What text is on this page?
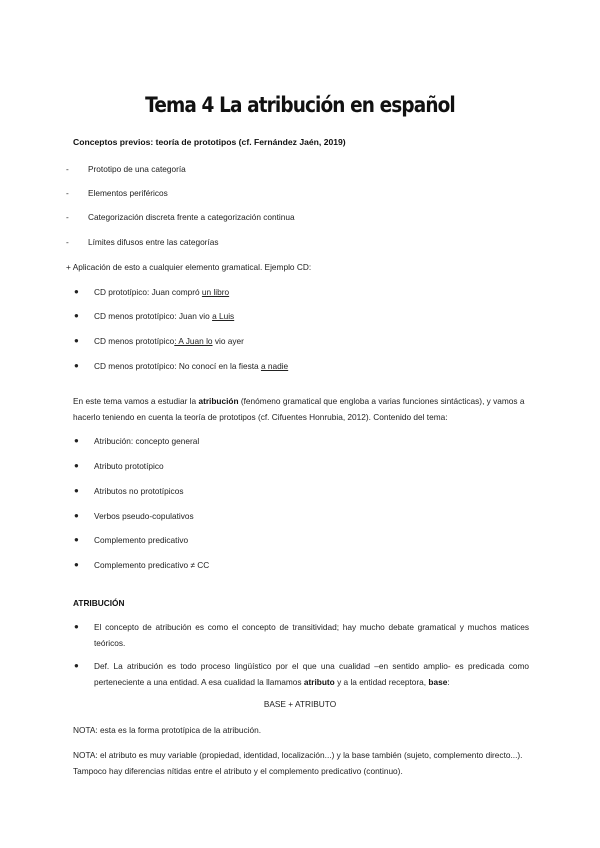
Tema 4 La atribución en español
Conceptos previos: teoría de prototipos (cf. Fernández Jaén, 2019)
- Prototipo de una categoría
- Elementos periféricos
- Categorización discreta frente a categorización continua
- Límites difusos entre las categorías
+ Aplicación de esto a cualquier elemento gramatical. Ejemplo CD:
● CD prototípico: Juan compró un libro
● CD menos prototípico: Juan vio a Luis
● CD menos prototípico: A Juan lo vio ayer
● CD menos prototípico: No conocí en la fiesta a nadie
En este tema vamos a estudiar la atribución (fenómeno gramatical que engloba a varias funciones sintácticas), y vamos a hacerlo teniendo en cuenta la teoría de prototipos (cf. Cifuentes Honrubia, 2012). Contenido del tema:
● Atribución: concepto general
● Atributo prototípico
● Atributos no prototípicos
● Verbos pseudo-copulativos
● Complemento predicativo
● Complemento predicativo ≠ CC
ATRIBUCIÓN
● El concepto de atribución es como el concepto de transitividad; hay mucho debate gramatical y muchos matices teóricos.
● Def. La atribución es todo proceso lingüístico por el que una cualidad –en sentido amplio- es predicada como perteneciente a una entidad. A esa cualidad la llamamos atributo y a la entidad receptora, base:
BASE + ATRIBUTO
NOTA: esta es la forma prototípica de la atribución.
NOTA: el atributo es muy variable (propiedad, identidad, localización...) y la base también (sujeto, complemento directo...). Tampoco hay diferencias nítidas entre el atributo y el complemento predicativo (continuo).
